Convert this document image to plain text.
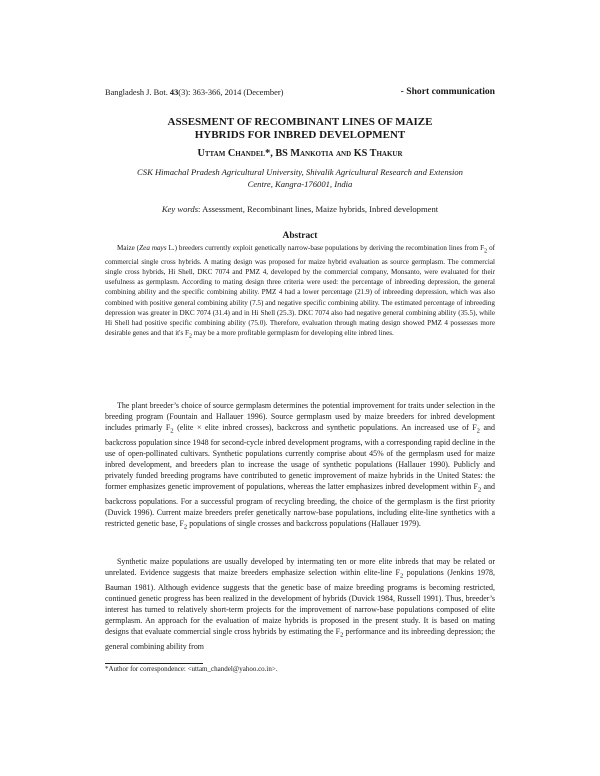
Bangladesh J. Bot. 43(3): 363-366, 2014 (December)	- Short communication
ASSESMENT OF RECOMBINANT LINES OF MAIZE
HYBRIDS FOR INBRED DEVELOPMENT
Uttam Chandel*, BS Mankotia and KS Thakur
CSK Himachal Pradesh Agricultural University, Shivalik Agricultural Research and Extension
Centre, Kangra-176001, India
Key words: Assessment, Recombinant lines, Maize hybrids, Inbred development
Abstract

Maize (Zea mays L.) breeders currently exploit genetically narrow-base populations by deriving the recombination lines from $F_2$ of commercial single cross hybrids. A mating design was proposed for maize hybrid evaluation as source germplasm. The commercial single cross hybrids, Hi Shell, DKC 7074 and PMZ 4, developed by the commercial company, Monsanto, were evaluated for their usefulness as germplasm. According to mating design three criteria were used: the percentage of inbreeding depression, the general combining ability and the specific combining ability. PMZ 4 had a lower percentage (21.9) of inbreeding depression, which was also combined with positive general combining ability (7.5) and negative specific combining ability. The estimated percentage of inbreeding depression was greater in DKC 7074 (31.4) and in Hi Shell (25.3). DKC 7074 also had negative general combining ability (35.5), while Hi Shell had positive specific combining ability (75.0). Therefore, evaluation through mating design showed PMZ 4 possesses more desirable genes and that it's $F_2$ may be a more profitable germplasm for developing elite inbred lines.

The plant breeder’s choice of source germplasm determines the potential improvement for traits under selection in the breeding program (Fountain and Hallauer 1996). Source germplasm used by maize breeders for inbred development includes primarly $F_2$ (elite × elite inbred crosses), backcross and synthetic populations. An increased use of $F_2$ and backcross population since 1948 for second-cycle inbred development programs, with a corresponding rapid decline in the use of open-pollinated cultivars. Synthetic populations currently comprise about 45% of the germplasm used for maize inbred development, and breeders plan to increase the usage of synthetic populations (Hallauer 1990). Publicly and privately funded breeding programs have contributed to genetic improvement of maize hybrids in the United States: the former emphasizes genetic improvement of populations, whereas the latter emphasizes inbred development within $F_2$ and backcross populations. For a successful program of recycling breeding, the choice of the germplasm is the first priority (Duvick 1996). Current maize breeders prefer genetically narrow-base populations, including elite-line synthetics with a restricted genetic base, $F_2$ populations of single crosses and backcross populations (Hallauer 1979).

Synthetic maize populations are usually developed by intermating ten or more elite inbreds that may be related or unrelated. Evidence suggests that maize breeders emphasize selection within elite-line $F_2$ populations (Jenkins 1978, Bauman 1981). Although evidence suggests that the genetic base of maize breeding programs is becoming restricted, continued genetic progress has been realized in the development of hybrids (Duvick 1984, Russell 1991). Thus, breeder’s interest has turned to relatively short-term projects for the improvement of narrow-base populations composed of elite germplasm. An approach for the evaluation of maize hybrids is proposed in the present study. It is based on mating designs that evaluate commercial single cross hybrids by estimating the $F_2$ performance and its inbreeding depression; the general combining ability from

*Author for correspondence: <uttam_chandel@yahoo.co.in>.
